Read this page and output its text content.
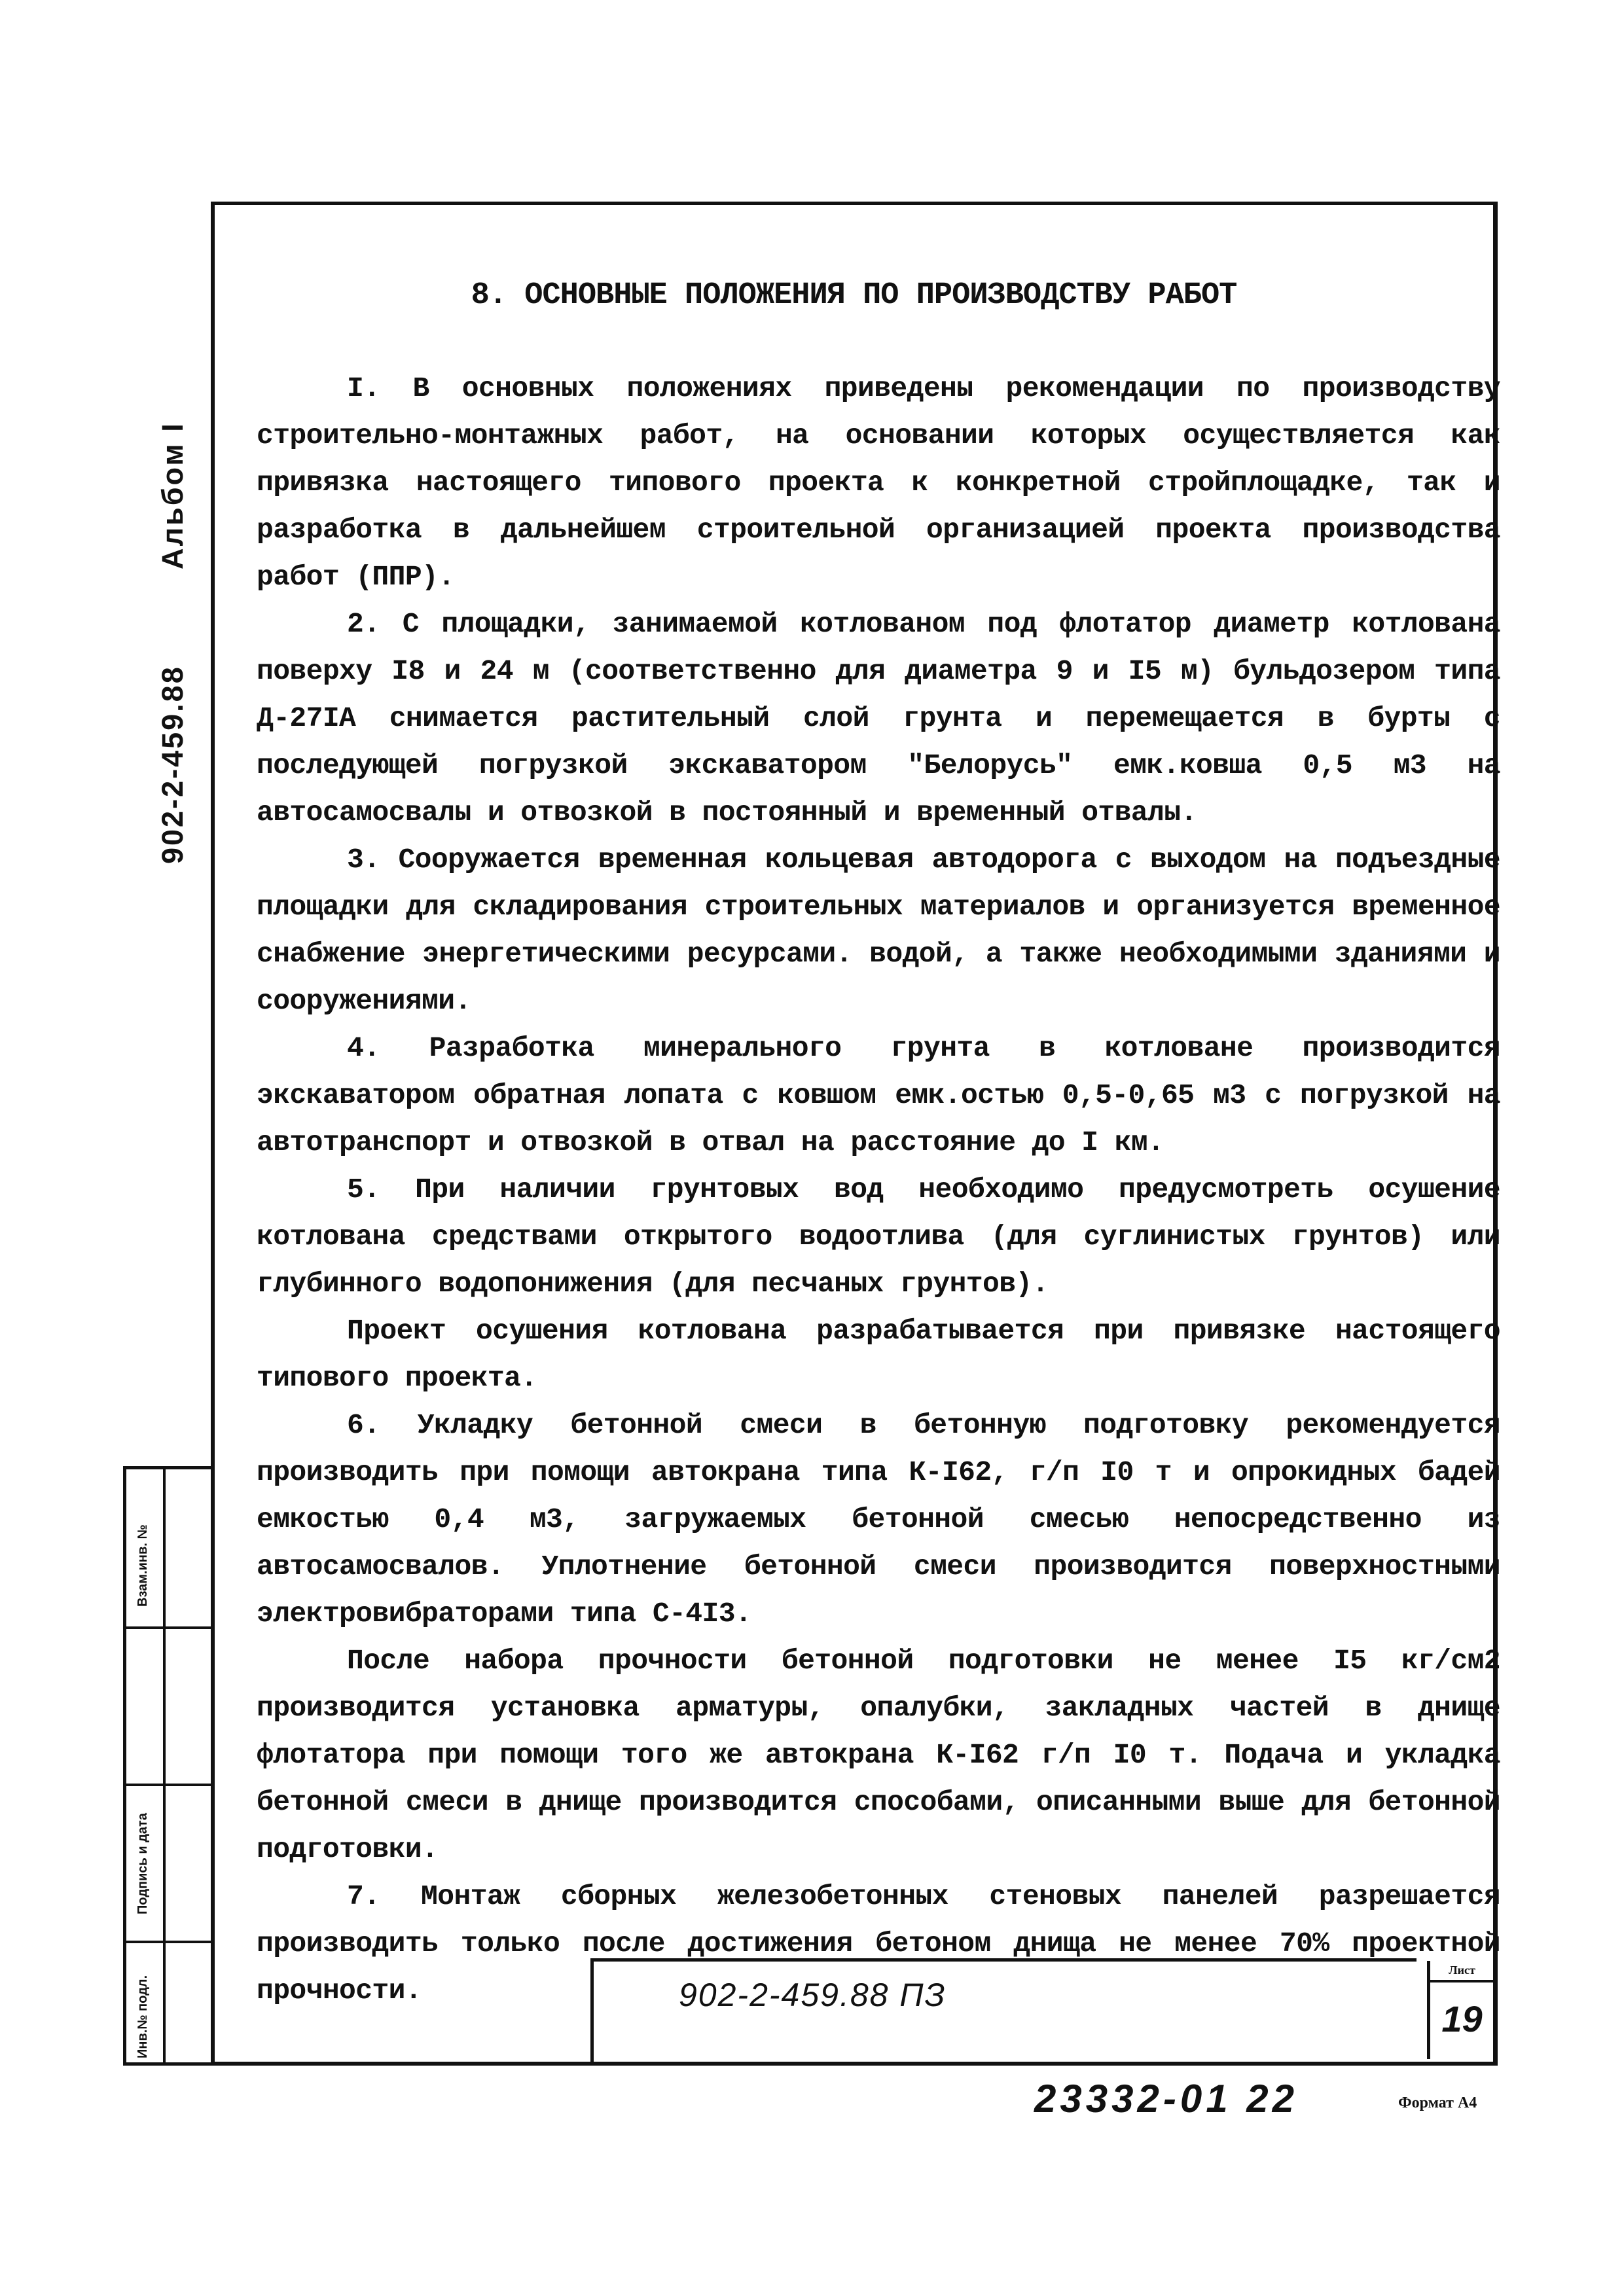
902-2-459.88
Альбом I
Инв.№ подл.
Подпись и дата
Взам.инв. №
8. ОСНОВНЫЕ ПОЛОЖЕНИЯ ПО ПРОИЗВОДСТВУ РАБОТ

I. В основных положениях приведены рекомендации по производству строительно-монтажных работ, на основании которых осуществляется как привязка настоящего типового проекта к конкретной стройплощадке, так и разработка в дальнейшем строительной организацией проекта производства работ (ППР).

2. С площадки, занимаемой котлованом под флотатор диаметр котлована поверху I8 и 24 м (соответственно для диаметра 9 и I5 м) бульдозером типа Д-27IA снимается растительный слой грунта и перемещается в бурты с последующей погрузкой экскаватором "Белорусь" емк.ковша 0,5 м3 на автосамосвалы и отвозкой в постоянный и временный отвалы.

3. Сооружается временная кольцевая автодорога с выходом на подъездные площадки для складирования строительных материалов и организуется временное снабжение энергетическими ресурсами. водой, а также необходимыми зданиями и сооружениями.

4. Разработка минерального грунта в котловане производится экскаватором обратная лопата с ковшом емк.остью 0,5-0,65 м3 с погрузкой на автотранспорт и отвозкой в отвал на расстояние до I км.

5. При наличии грунтовых вод необходимо предусмотреть осушение котлована средствами открытого водоотлива (для суглинистых грунтов) или глубинного водопонижения (для песчаных грунтов).

Проект осушения котлована разрабатывается при привязке настоящего типового проекта.

6. Укладку бетонной смеси в бетонную подготовку рекомендуется производить при помощи автокрана типа К-I62, г/п I0 т и опрокидных бадей емкостью 0,4 м3, загружаемых бетонной смесью непосредственно из автосамосвалов. Уплотнение бетонной смеси производится поверхностными электровибраторами типа С-4I3.

После набора прочности бетонной подготовки не менее I5 кг/см2 производится установка арматуры, опалубки, закладных частей в днище флотатора при помощи того же автокрана К-I62 г/п I0 т. Подача и укладка бетонной смеси в днище производится способами, описанными выше для бетонной подготовки.

7. Монтаж сборных железобетонных стеновых панелей разрешается производить только после достижения бетоном днища не менее 70% проектной прочности.	902-2-459.88 ПЗ
Лист
19
23332-01 22	Формат А4
